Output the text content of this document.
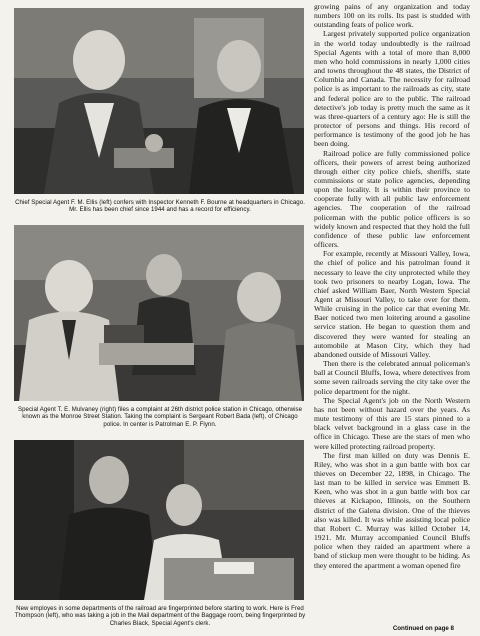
Chief Special Agent F. M. Ellis (left) confers with Inspector Kenneth F. Bourne at headquarters in Chicago. Mr. Ellis has been chief since 1944 and has a record for efficiency.
Special Agent T. E. Mulvaney (right) files a complaint at 26th district police station in Chicago, otherwise known as the Monroe Street Station. Taking the complaint is Sergeant Robert Bada (left), of Chicago police. In center is Patrolman E. P. Flynn.
New employes in some departments of the railroad are fingerprinted before starting to work. Here is Fred Thompson (left), who was taking a job in the Mail department of the Baggage room, being fingerprinted by Charles Black, Special Agent's clerk.

growing pains of any organization and today numbers 100 on its rolls. Its past is studded with outstanding feats of police work.

Largest privately supported police organization in the world today undoubtedly is the railroad Special Agents with a total of more than 8,000 men who hold commissions in nearly 1,000 cities and towns throughout the 48 states, the District of Columbia and Canada. The necessity for railroad police is as important to the railroads as city, state and federal police are to the public. The railroad detective's job today is pretty much the same as it was three-quarters of a century ago: He is still the protector of persons and things. His record of performance is testimony of the good job he has been doing.

Railroad police are fully commissioned police officers, their powers of arrest being authorized through either city police chiefs, sheriffs, state commissions or state police agencies, depending upon the locality. It is within their province to cooperate fully with all public law enforcement agencies. The cooperation of the railroad policeman with the public police officers is so widely known and respected that they hold the full confidence of these public law enforcement officers.

For example, recently at Missouri Valley, Iowa, the chief of police and his patrolman found it necessary to leave the city unprotected while they took two prisoners to nearby Logan, Iowa. The chief asked William Baer, North Western Special Agent at Missouri Valley, to take over for them. While cruising in the police car that evening Mr. Baer noticed two men loitering around a gasoline service station. He began to question them and discovered they were wanted for stealing an automobile at Mason City, which they had abandoned outside of Missouri Valley.

Then there is the celebrated annual policeman's ball at Council Bluffs, Iowa, where detectives from some seven railroads serving the city take over the police department for the night.

The Special Agent's job on the North Western has not been without hazard over the years. As mute testimony of this are 15 stars pinned to a black velvet background in a glass case in the office in Chicago. These are the stars of men who were killed protecting railroad property.

The first man killed on duty was Dennis E. Riley, who was shot in a gun battle with box car thieves on December 22, 1898, in Chicago. The last man to be killed in service was Emmett B. Keen, who was shot in a gun battle with box car thieves at Kickapoo, Illinois, on the Southern district of the Galena division. One of the thieves also was killed. It was while assisting local police that Robert C. Murray was killed October 14, 1921. Mr. Murray accompanied Council Bluffs police when they raided an apartment where a band of stickup men were thought to be hiding. As they entered the apartment a woman opened fire

Continued on page 8
